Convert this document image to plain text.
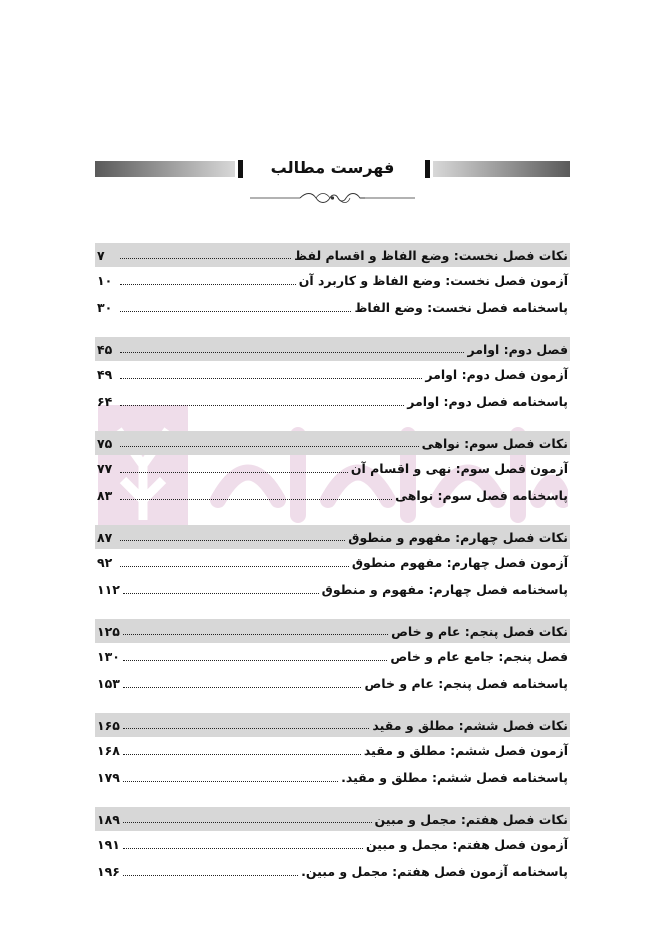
فهرست مطالب
نکات فصل نخست: وضع الفاظ و اقسام لفظ
۷
آزمون فصل نخست: وضع الفاظ و کاربرد آن
۱۰
پاسخنامه فصل نخست: وضع الفاظ
۳۰
فصل دوم: اوامر
۴۵
آزمون فصل دوم: اوامر
۴۹
پاسخنامه فصل دوم: اوامر
۶۴
نکات فصل سوم: نواهی
۷۵
آزمون فصل سوم: نهی و اقسام آن
۷۷
پاسخنامه فصل سوم: نواهی
۸۳
نکات فصل چهارم: مفهوم و منطوق
۸۷
آزمون فصل چهارم: مفهوم منطوق
۹۲
پاسخنامه فصل چهارم: مفهوم و منطوق
۱۱۲
نکات فصل پنجم: عام و خاص
۱۲۵
فصل پنجم: جامع عام و خاص
۱۳۰
پاسخنامه فصل پنجم: عام و خاص
۱۵۳
نکات فصل ششم: مطلق و مقید
۱۶۵
آزمون فصل ششم: مطلق و مقید
۱۶۸
پاسخنامه فصل ششم: مطلق و مقید.
۱۷۹
نکات فصل هفتم: مجمل و مبین
۱۸۹
آزمون فصل هفتم: مجمل و مبین
۱۹۱
پاسخنامه آزمون فصل هفتم: مجمل و مبین.
۱۹۶
